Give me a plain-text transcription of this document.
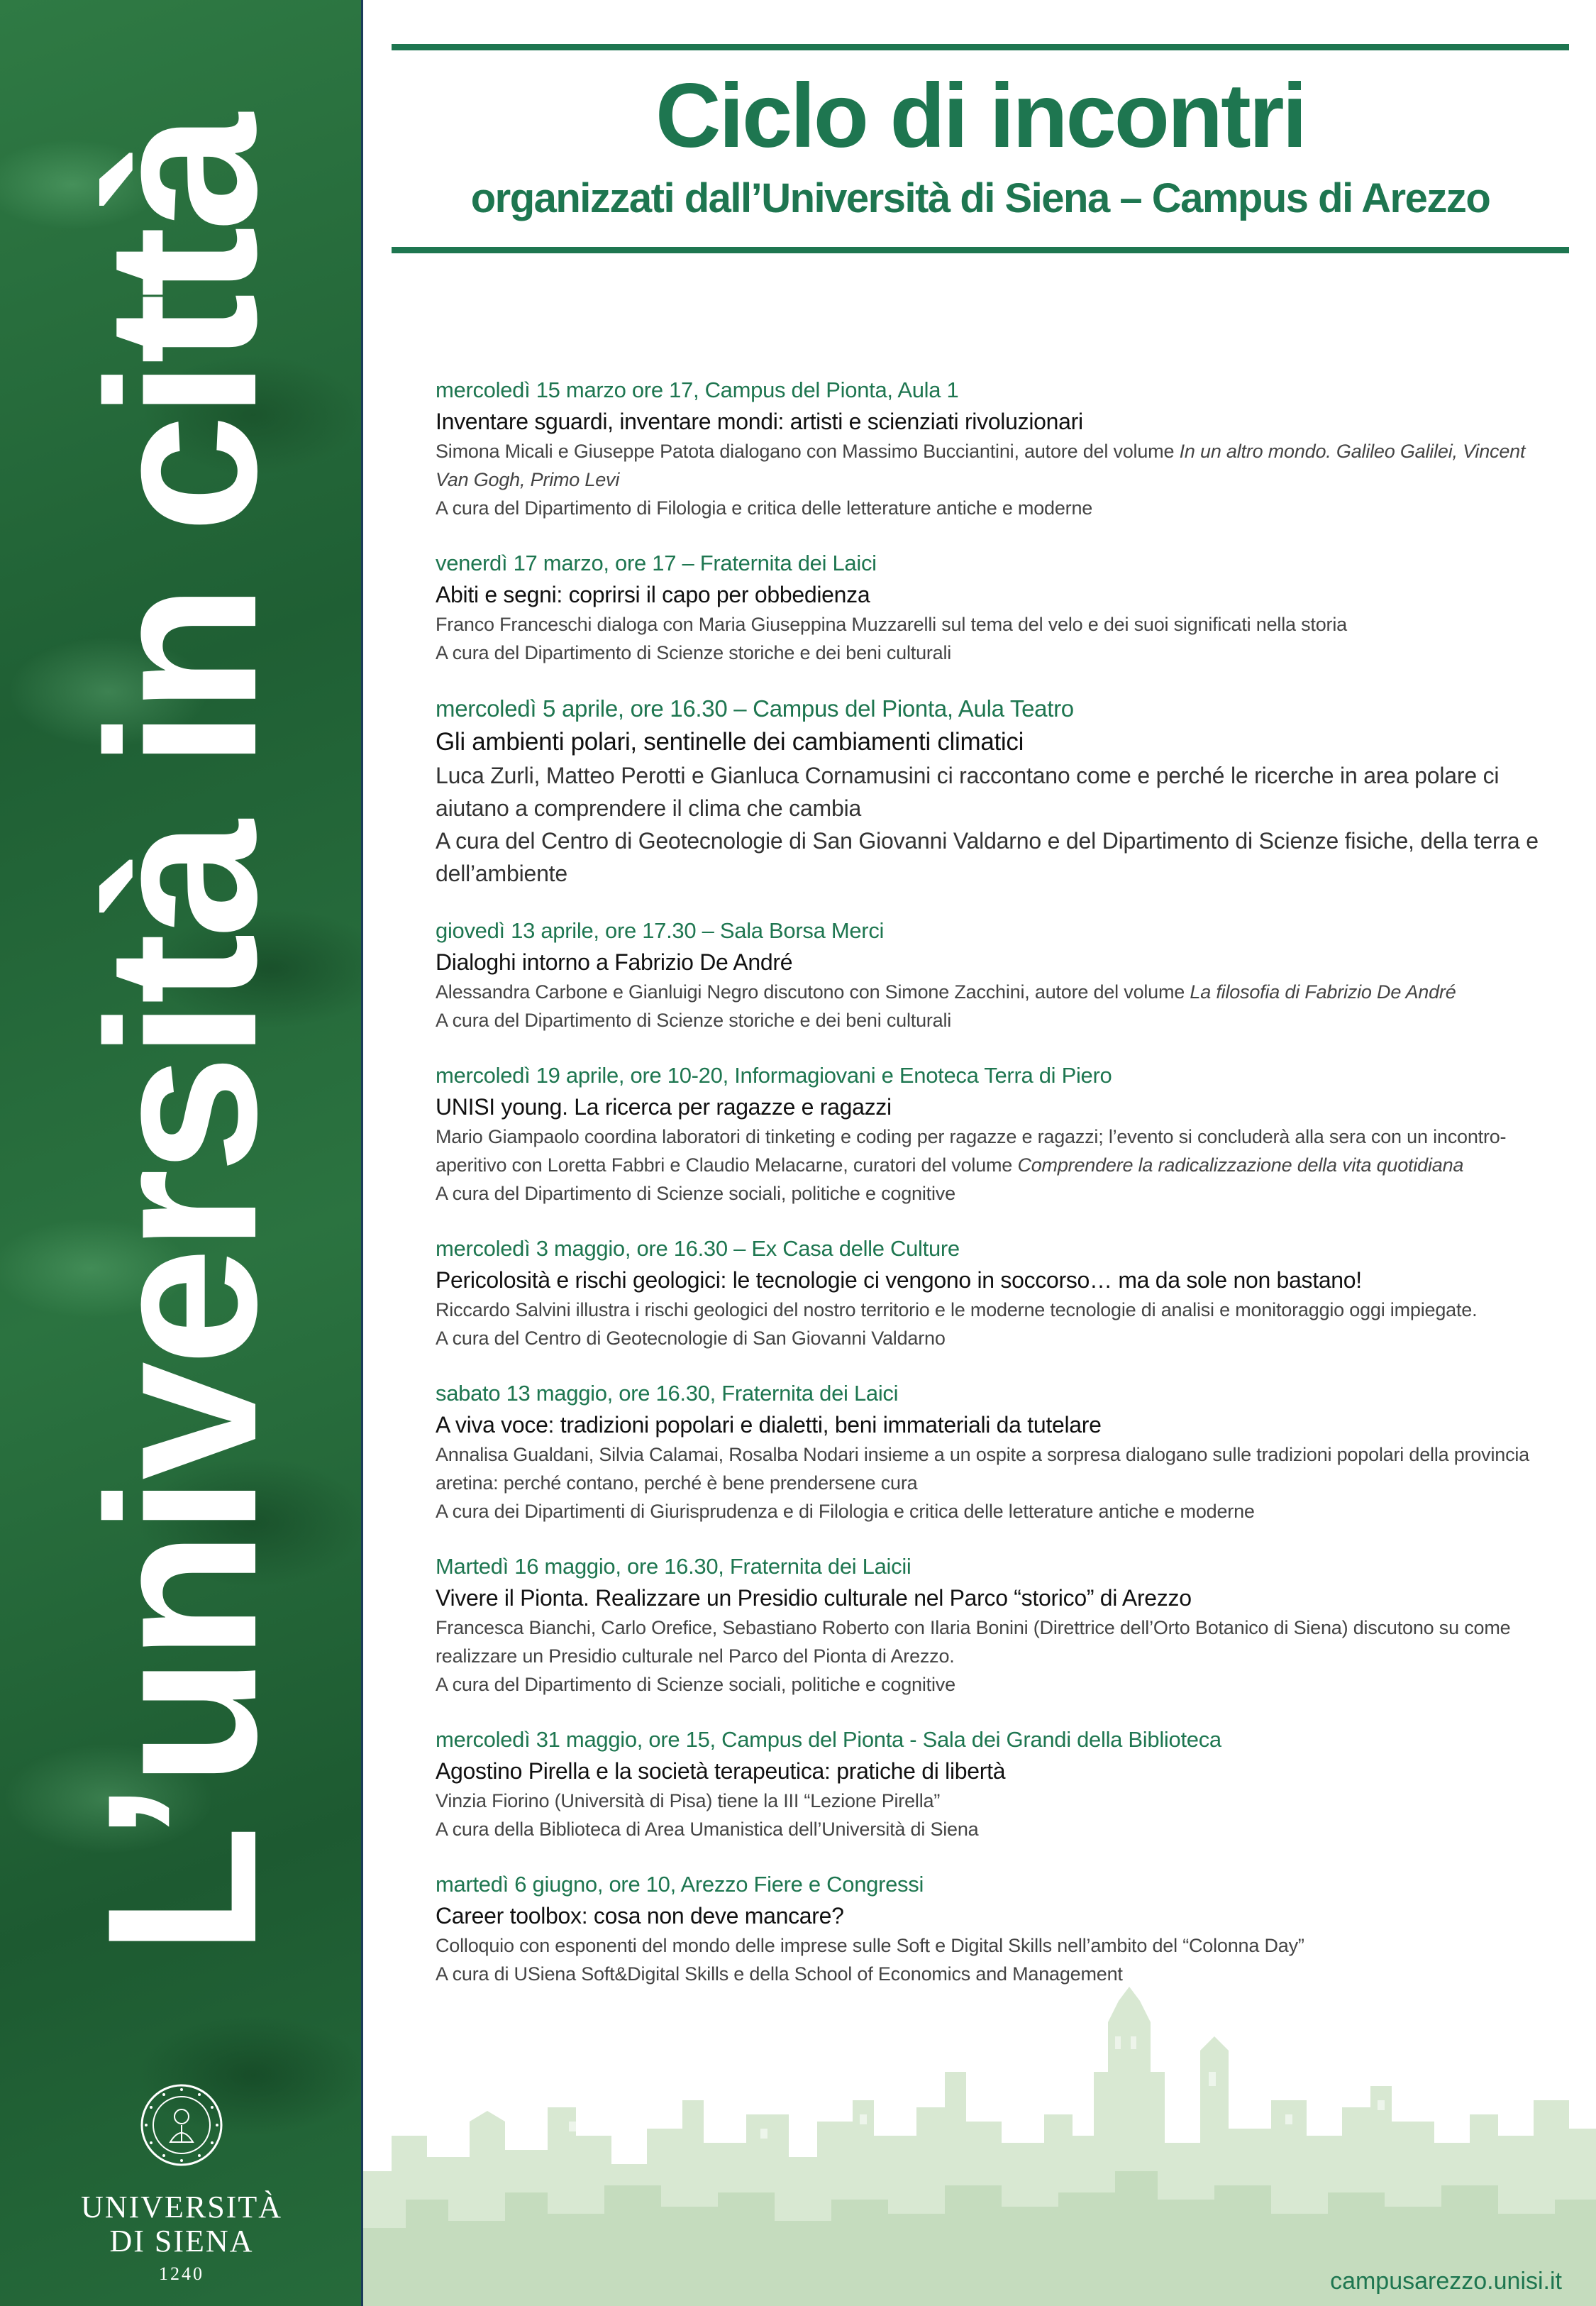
L’università in città
UNIVERSITÀ
DI SIENA
1240
Ciclo di incontri
organizzati dall’Università di Siena – Campus di Arezzo
mercoledì 15 marzo ore 17, Campus del Pionta, Aula 1
Inventare sguardi, inventare mondi: artisti e scienziati rivoluzionari
Simona Micali e Giuseppe Patota dialogano con Massimo Bucciantini, autore del volume In un altro mondo. Galileo Galilei, Vincent Van Gogh, Primo Levi
A cura del Dipartimento di Filologia e critica delle letterature antiche e moderne
venerdì 17 marzo, ore 17 – Fraternita dei Laici
Abiti e segni: coprirsi il capo per obbedienza
Franco Franceschi dialoga con Maria Giuseppina Muzzarelli sul tema del velo e dei suoi significati nella storia
A cura del Dipartimento di Scienze storiche e dei beni culturali
mercoledì 5 aprile, ore 16.30 – Campus del Pionta, Aula Teatro
Gli ambienti polari, sentinelle dei cambiamenti climatici
Luca Zurli, Matteo Perotti e Gianluca Cornamusini ci raccontano come e perché le ricerche in area polare ci aiutano a comprendere il clima che cambia
A cura del Centro di Geotecnologie di San Giovanni Valdarno e del Dipartimento di Scienze fisiche, della terra e dell’ambiente
giovedì 13 aprile, ore 17.30 – Sala Borsa Merci
Dialoghi intorno a Fabrizio De André
Alessandra Carbone e Gianluigi Negro discutono con Simone Zacchini, autore del volume La filosofia di Fabrizio De André
A cura del Dipartimento di Scienze storiche e dei beni culturali
mercoledì 19 aprile, ore 10-20, Informagiovani e Enoteca Terra di Piero
UNISI young. La ricerca per ragazze e ragazzi
Mario Giampaolo coordina laboratori di tinketing e coding per ragazze e ragazzi; l’evento si concluderà alla sera con un incontro-aperitivo con Loretta Fabbri e Claudio Melacarne, curatori del volume Comprendere la radicalizzazione della vita quotidiana
A cura del Dipartimento di Scienze sociali, politiche e cognitive
mercoledì 3 maggio, ore 16.30 – Ex Casa delle Culture
Pericolosità e rischi geologici: le tecnologie ci vengono in soccorso… ma da sole non bastano!
Riccardo Salvini illustra i rischi geologici del nostro territorio e le moderne tecnologie di analisi e monitoraggio oggi impiegate.
A cura del Centro di Geotecnologie di San Giovanni Valdarno
sabato 13 maggio, ore 16.30, Fraternita dei Laici
A viva voce: tradizioni popolari e dialetti, beni immateriali da tutelare
Annalisa Gualdani, Silvia Calamai, Rosalba Nodari insieme a un ospite a sorpresa dialogano sulle tradizioni popolari della provincia aretina: perché contano, perché è bene prendersene cura
A cura dei Dipartimenti di Giurisprudenza e di Filologia e critica delle letterature antiche e moderne
Martedì 16 maggio, ore 16.30, Fraternita dei Laicii
Vivere il Pionta. Realizzare un Presidio culturale nel Parco “storico” di Arezzo
Francesca Bianchi, Carlo Orefice, Sebastiano Roberto con Ilaria Bonini (Direttrice dell’Orto Botanico di Siena) discutono su come realizzare un Presidio culturale nel Parco del Pionta di Arezzo.
A cura del Dipartimento di Scienze sociali, politiche e cognitive
mercoledì 31 maggio, ore 15, Campus del Pionta - Sala dei Grandi della Biblioteca
Agostino Pirella e la società terapeutica: pratiche di libertà
Vinzia Fiorino (Università di Pisa) tiene la III “Lezione Pirella”
A cura della Biblioteca di Area Umanistica dell’Università di Siena
martedì 6 giugno, ore 10, Arezzo Fiere e Congressi
Career toolbox: cosa non deve mancare?
Colloquio con esponenti del mondo delle imprese sulle Soft e Digital Skills nell’ambito del “Colonna Day”
A cura di USiena Soft&Digital Skills e della School of Economics and Management
campusarezzo.unisi.it
